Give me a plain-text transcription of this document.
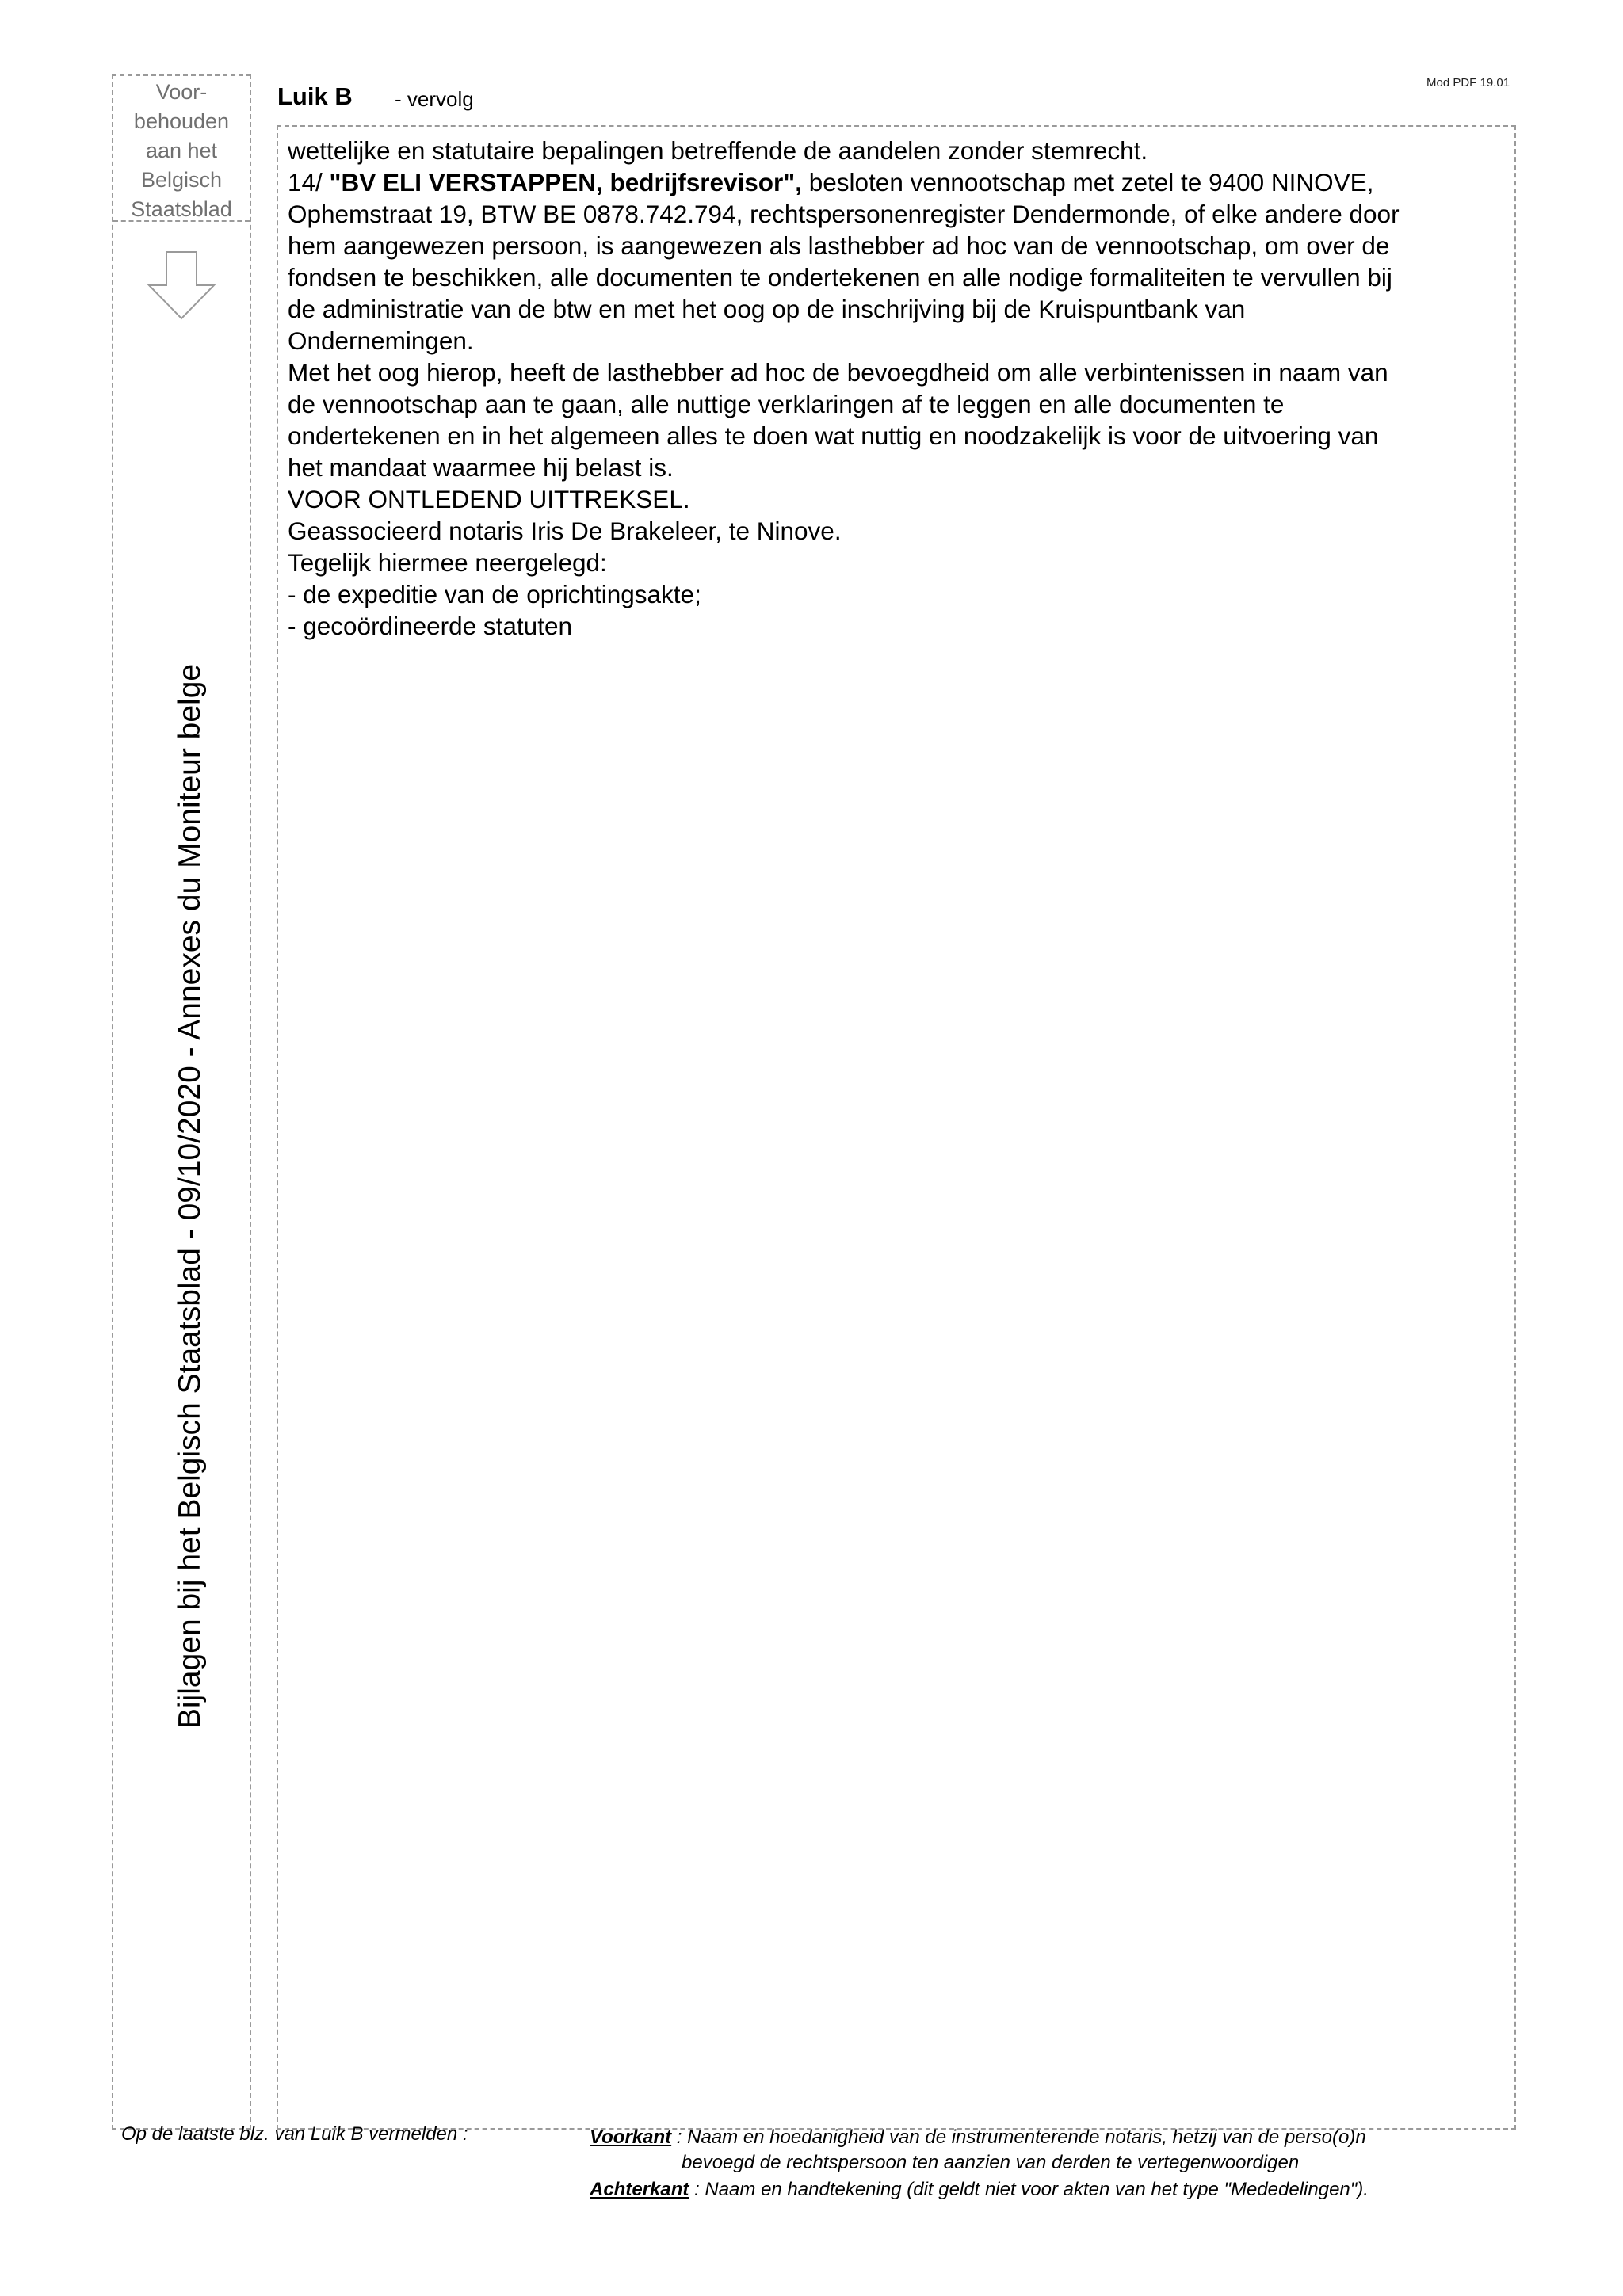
Mod PDF 19.01
Voor-
behouden
aan het
Belgisch
Staatsblad
Bijlagen bij het Belgisch Staatsblad - 09/10/2020 - Annexes du Moniteur belge
Luik B - vervolg

wettelijke en statutaire bepalingen betreffende de aandelen zonder stemrecht.

14/ "BV ELI VERSTAPPEN, bedrijfsrevisor", besloten vennootschap met zetel te 9400 NINOVE,

Ophemstraat 19, BTW BE 0878.742.794, rechtspersonenregister Dendermonde, of elke andere door

hem aangewezen persoon, is aangewezen als lasthebber ad hoc van de vennootschap, om over de

fondsen te beschikken, alle documenten te ondertekenen en alle nodige formaliteiten te vervullen bij

de administratie van de btw en met het oog op de inschrijving bij de Kruispuntbank van

Ondernemingen.

Met het oog hierop, heeft de lasthebber ad hoc de bevoegdheid om alle verbintenissen in naam van

de vennootschap aan te gaan, alle nuttige verklaringen af te leggen en alle documenten te

ondertekenen en in het algemeen alles te doen wat nuttig en noodzakelijk is voor de uitvoering van

het mandaat waarmee hij belast is.

VOOR ONTLEDEND UITTREKSEL.

Geassocieerd notaris Iris De Brakeleer, te Ninove.

Tegelijk hiermee neergelegd:

- de expeditie van de oprichtingsakte;

- gecoördineerde statuten

Op de laatste blz. van Luik B vermelden :	Voorkant : Naam en hoedanigheid van de instrumenterende notaris, hetzij van de perso(o)n
bevoegd de rechtspersoon ten aanzien van derden te vertegenwoordigen
Achterkant : Naam en handtekening (dit geldt niet voor akten van het type "Mededelingen").
